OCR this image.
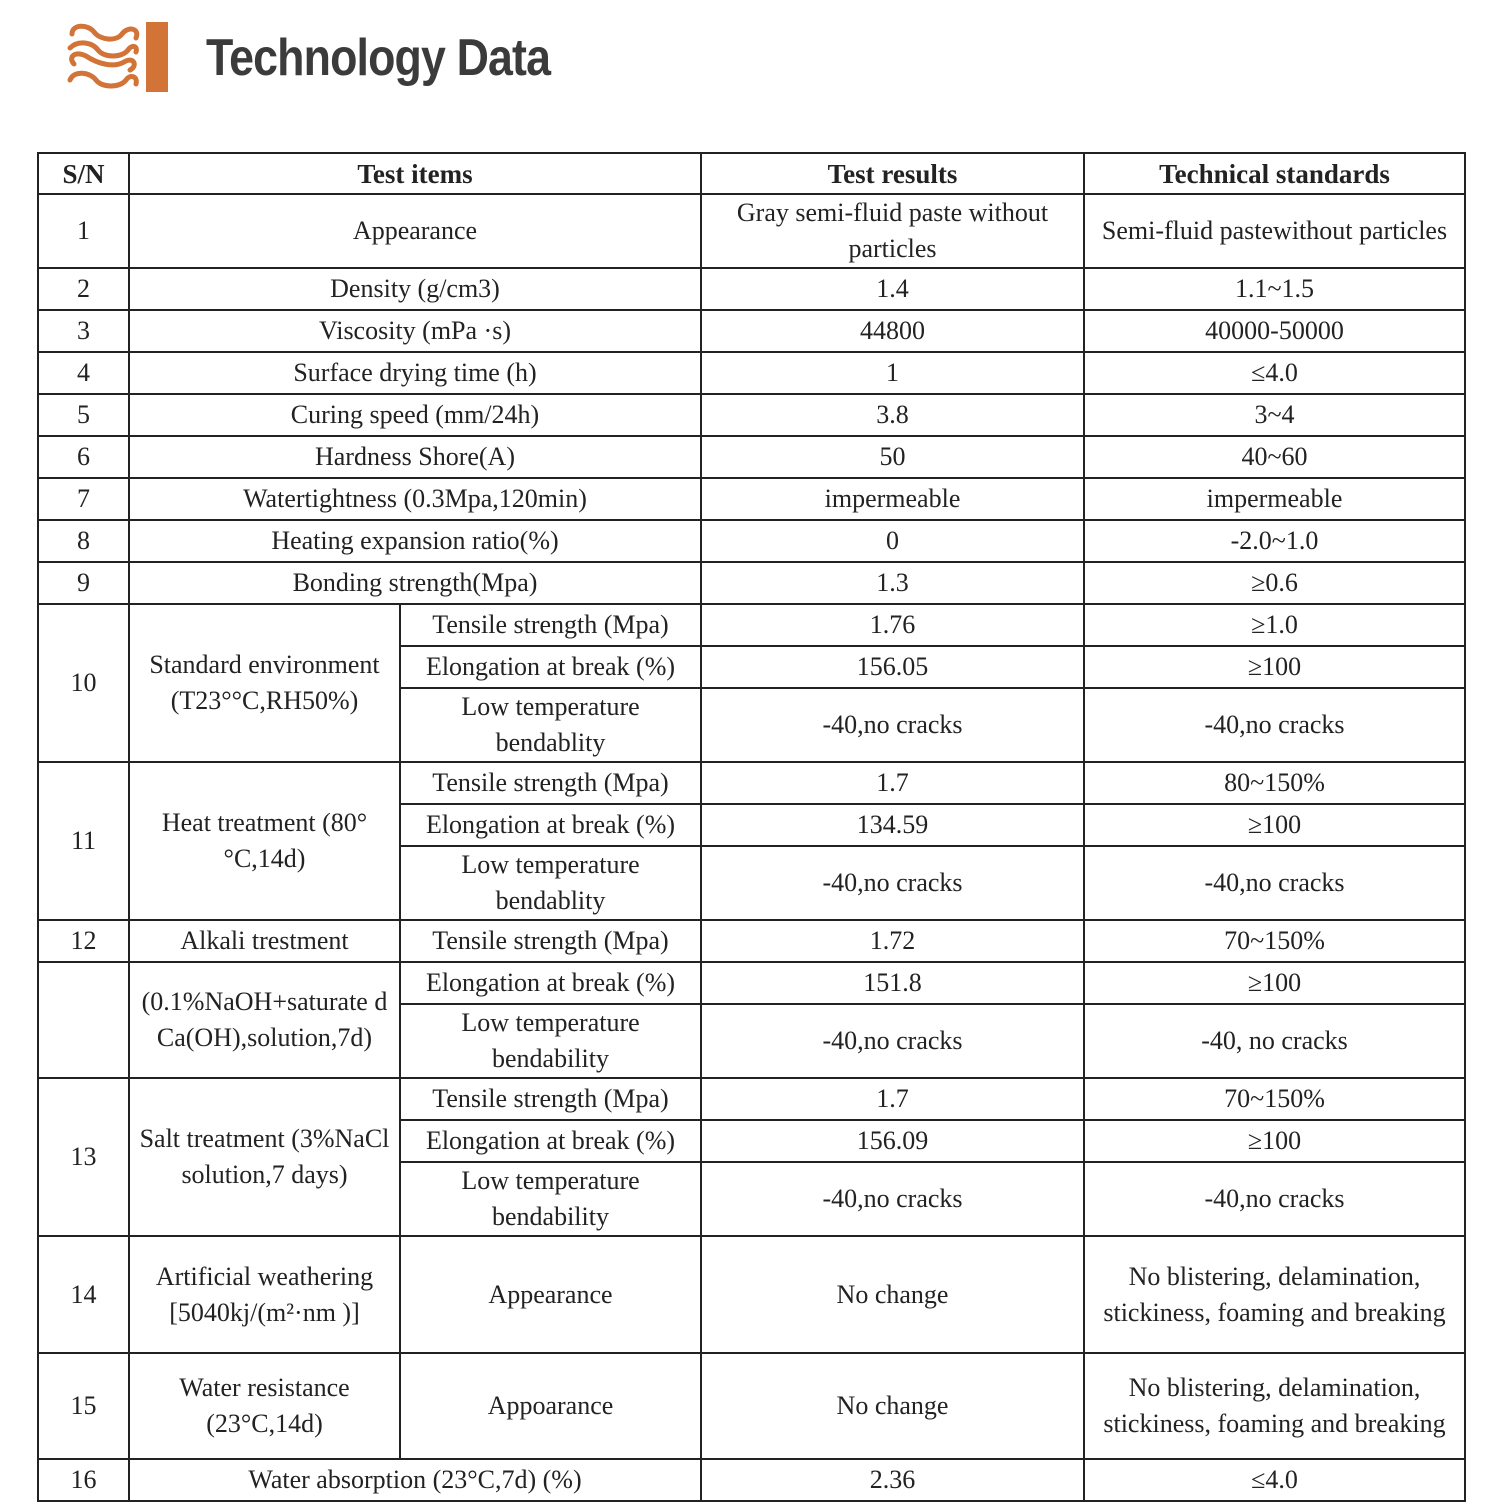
Technology Data
S/N	Test items		Test results	Technical standards
1	Appearance		Gray semi-fluid paste without particles	Semi-fluid pastewithout particles
2	Density (g/cm3)		1.4	1.1~1.5
3	Viscosity (mPa ·s)		44800	40000-50000
4	Surface drying time (h)		1	≤4.0
5	Curing speed (mm/24h)		3.8	3~4
6	Hardness Shore(A)		50	40~60
7	Watertightness (0.3Mpa,120min)		impermeable	impermeable
8	Heating expansion ratio(%)		0	-2.0~1.0
9	Bonding strength(Mpa)		1.3	≥0.6
10	Standard environment (T23°°C,RH50%)	Tensile strength (Mpa)	1.76	≥1.0
		Elongation at break (%)	156.05	≥100
		Low temperature bendablity	-40,no cracks	-40,no cracks
11	Heat treatment (80°°C,14d)	Tensile strength (Mpa)	1.7	80~150%
		Elongation at break (%)	134.59	≥100
		Low temperature bendablity	-40,no cracks	-40,no cracks
12	Alkali trestment	Tensile strength (Mpa)	1.72	70~150%
	(0.1%NaOH+saturate d Ca(OH),solution,7d)	Elongation at break (%)	151.8	≥100
		Low temperature bendability	-40,no cracks	-40, no cracks
13	Salt treatment (3%NaCl solution,7 days)	Tensile strength (Mpa)	1.7	70~150%
		Elongation at break (%)	156.09	≥100
		Low temperature bendability	-40,no cracks	-40,no cracks
14	Artificial weathering [5040kj/(m²·nm )]	Appearance	No change	No blistering, delamination, stickiness, foaming and breaking
15	Water resistance (23°C,14d)	Appoarance	No change	No blistering, delamination, stickiness, foaming and breaking
16	Water absorption (23°C,7d) (%)		2.36	≤4.0
